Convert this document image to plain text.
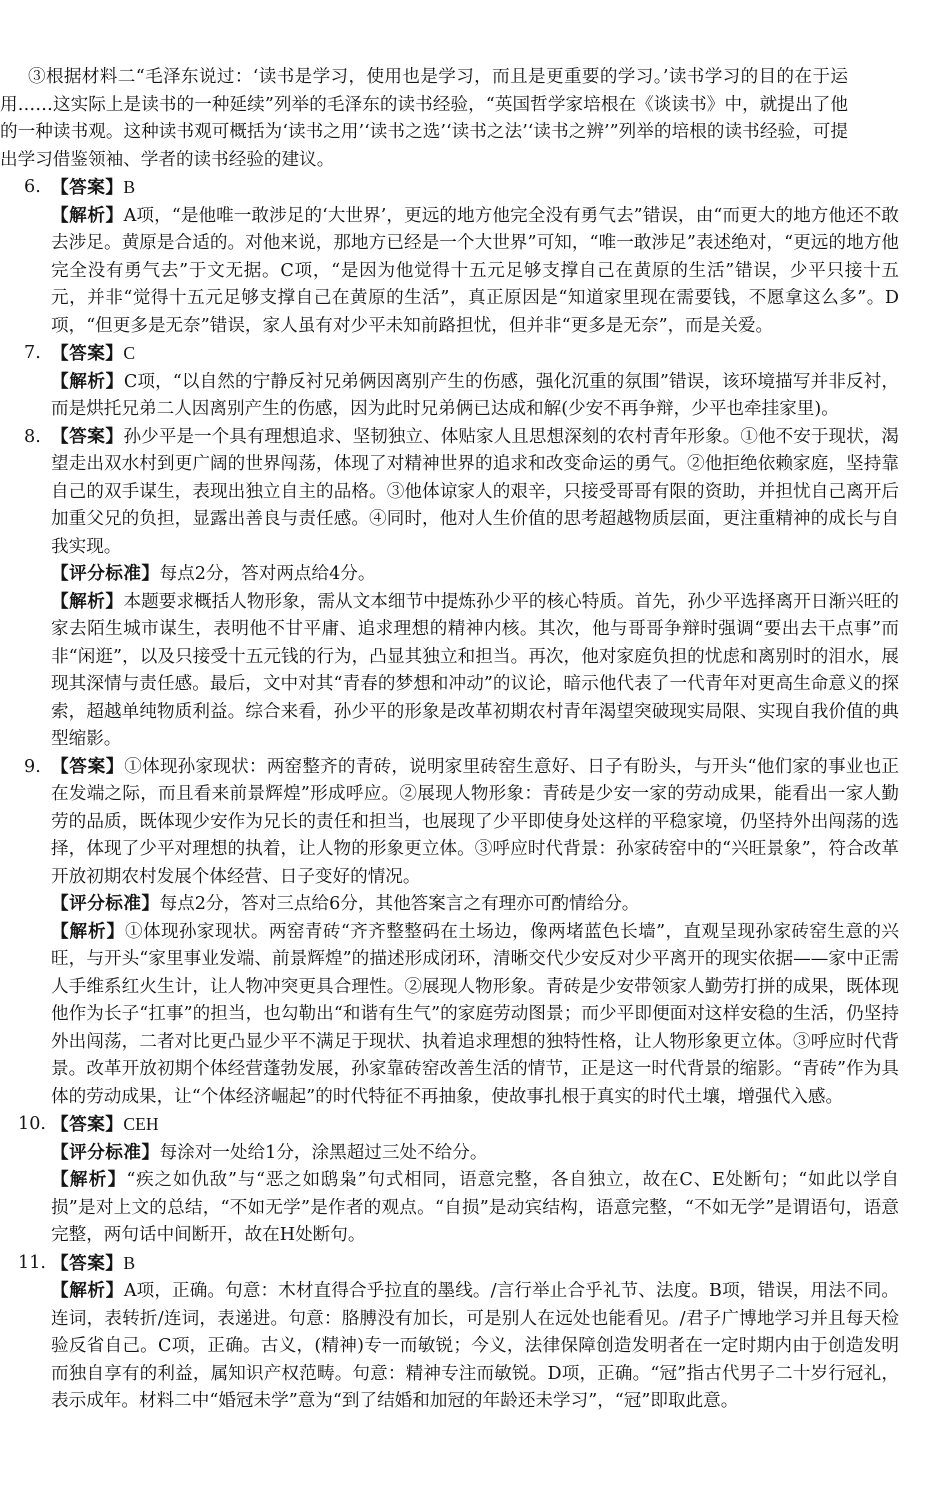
③根据材料二“毛泽东说过：‘读书是学习，使用也是学习，而且是更重要的学习。’读书学习的目的在于运用……这实际上是读书的一种延续”列举的毛泽东的读书经验，“英国哲学家培根在《谈读书》中，就提出了他的一种读书观。这种读书观可概括为‘读书之用’‘读书之选’‘读书之法’‘读书之辨’”列举的培根的读书经验，可提出学习借鉴领袖、学者的读书经验的建议。

6. 【答案】B

【解析】A项，“是他唯一敢涉足的‘大世界’，更远的地方他完全没有勇气去”错误，由“而更大的地方他还不敢去涉足。黄原是合适的。对他来说，那地方已经是一个大世界”可知，“唯一敢涉足”表述绝对，“更远的地方他完全没有勇气去”于文无据。C项，“是因为他觉得十五元足够支撑自己在黄原的生活”错误，少平只接十五元，并非“觉得十五元足够支撑自己在黄原的生活”，真正原因是“知道家里现在需要钱，不愿拿这么多”。D项，“但更多是无奈”错误，家人虽有对少平未知前路担忧，但并非“更多是无奈”，而是关爱。

7. 【答案】C

【解析】C项，“以自然的宁静反衬兄弟俩因离别产生的伤感，强化沉重的氛围”错误，该环境描写并非反衬，而是烘托兄弟二人因离别产生的伤感，因为此时兄弟俩已达成和解(少安不再争辩，少平也牵挂家里)。

8. 【答案】孙少平是一个具有理想追求、坚韧独立、体贴家人且思想深刻的农村青年形象。①他不安于现状，渴望走出双水村到更广阔的世界闯荡，体现了对精神世界的追求和改变命运的勇气。②他拒绝依赖家庭，坚持靠自己的双手谋生，表现出独立自主的品格。③他体谅家人的艰辛，只接受哥哥有限的资助，并担忧自己离开后加重父兄的负担，显露出善良与责任感。④同时，他对人生价值的思考超越物质层面，更注重精神的成长与自我实现。

【评分标准】每点2分，答对两点给4分。

【解析】本题要求概括人物形象，需从文本细节中提炼孙少平的核心特质。首先，孙少平选择离开日渐兴旺的家去陌生城市谋生，表明他不甘平庸、追求理想的精神内核。其次，他与哥哥争辩时强调“要出去干点事”而非“闲逛”，以及只接受十五元钱的行为，凸显其独立和担当。再次，他对家庭负担的忧虑和离别时的泪水，展现其深情与责任感。最后，文中对其“青春的梦想和冲动”的议论，暗示他代表了一代青年对更高生命意义的探索，超越单纯物质利益。综合来看，孙少平的形象是改革初期农村青年渴望突破现实局限、实现自我价值的典型缩影。

9. 【答案】①体现孙家现状：两窑整齐的青砖，说明家里砖窑生意好、日子有盼头，与开头“他们家的事业也正在发端之际，而且看来前景辉煌”形成呼应。②展现人物形象：青砖是少安一家的劳动成果，能看出一家人勤劳的品质，既体现少安作为兄长的责任和担当，也展现了少平即使身处这样的平稳家境，仍坚持外出闯荡的选择，体现了少平对理想的执着，让人物的形象更立体。③呼应时代背景：孙家砖窑中的“兴旺景象”，符合改革开放初期农村发展个体经营、日子变好的情况。

【评分标准】每点2分，答对三点给6分，其他答案言之有理亦可酌情给分。

【解析】①体现孙家现状。两窑青砖“齐齐整整码在土场边，像两堵蓝色长墙”，直观呈现孙家砖窑生意的兴旺，与开头“家里事业发端、前景辉煌”的描述形成闭环，清晰交代少安反对少平离开的现实依据——家中正需人手维系红火生计，让人物冲突更具合理性。②展现人物形象。青砖是少安带领家人勤劳打拼的成果，既体现他作为长子“扛事”的担当，也勾勒出“和谐有生气”的家庭劳动图景；而少平即便面对这样安稳的生活，仍坚持外出闯荡，二者对比更凸显少平不满足于现状、执着追求理想的独特性格，让人物形象更立体。③呼应时代背景。改革开放初期个体经营蓬勃发展，孙家靠砖窑改善生活的情节，正是这一时代背景的缩影。“青砖”作为具体的劳动成果，让“个体经济崛起”的时代特征不再抽象，使故事扎根于真实的时代土壤，增强代入感。

10. 【答案】CEH

【评分标准】每涂对一处给1分，涂黑超过三处不给分。

【解析】“疾之如仇敌”与“恶之如鸱枭”句式相同，语意完整，各自独立，故在C、E处断句；“如此以学自损”是对上文的总结，“不如无学”是作者的观点。“自损”是动宾结构，语意完整，“不如无学”是谓语句，语意完整，两句话中间断开，故在H处断句。

11. 【答案】B

【解析】A项，正确。句意：木材直得合乎拉直的墨线。/言行举止合乎礼节、法度。B项，错误，用法不同。连词，表转折/连词，表递进。句意：胳膊没有加长，可是别人在远处也能看见。/君子广博地学习并且每天检验反省自己。C项，正确。古义，(精神)专一而敏锐；今义，法律保障创造发明者在一定时期内由于创造发明而独自享有的利益，属知识产权范畴。句意：精神专注而敏锐。D项，正确。“冠”指古代男子二十岁行冠礼，表示成年。材料二中“婚冠未学”意为“到了结婚和加冠的年龄还未学习”，“冠”即取此意。
